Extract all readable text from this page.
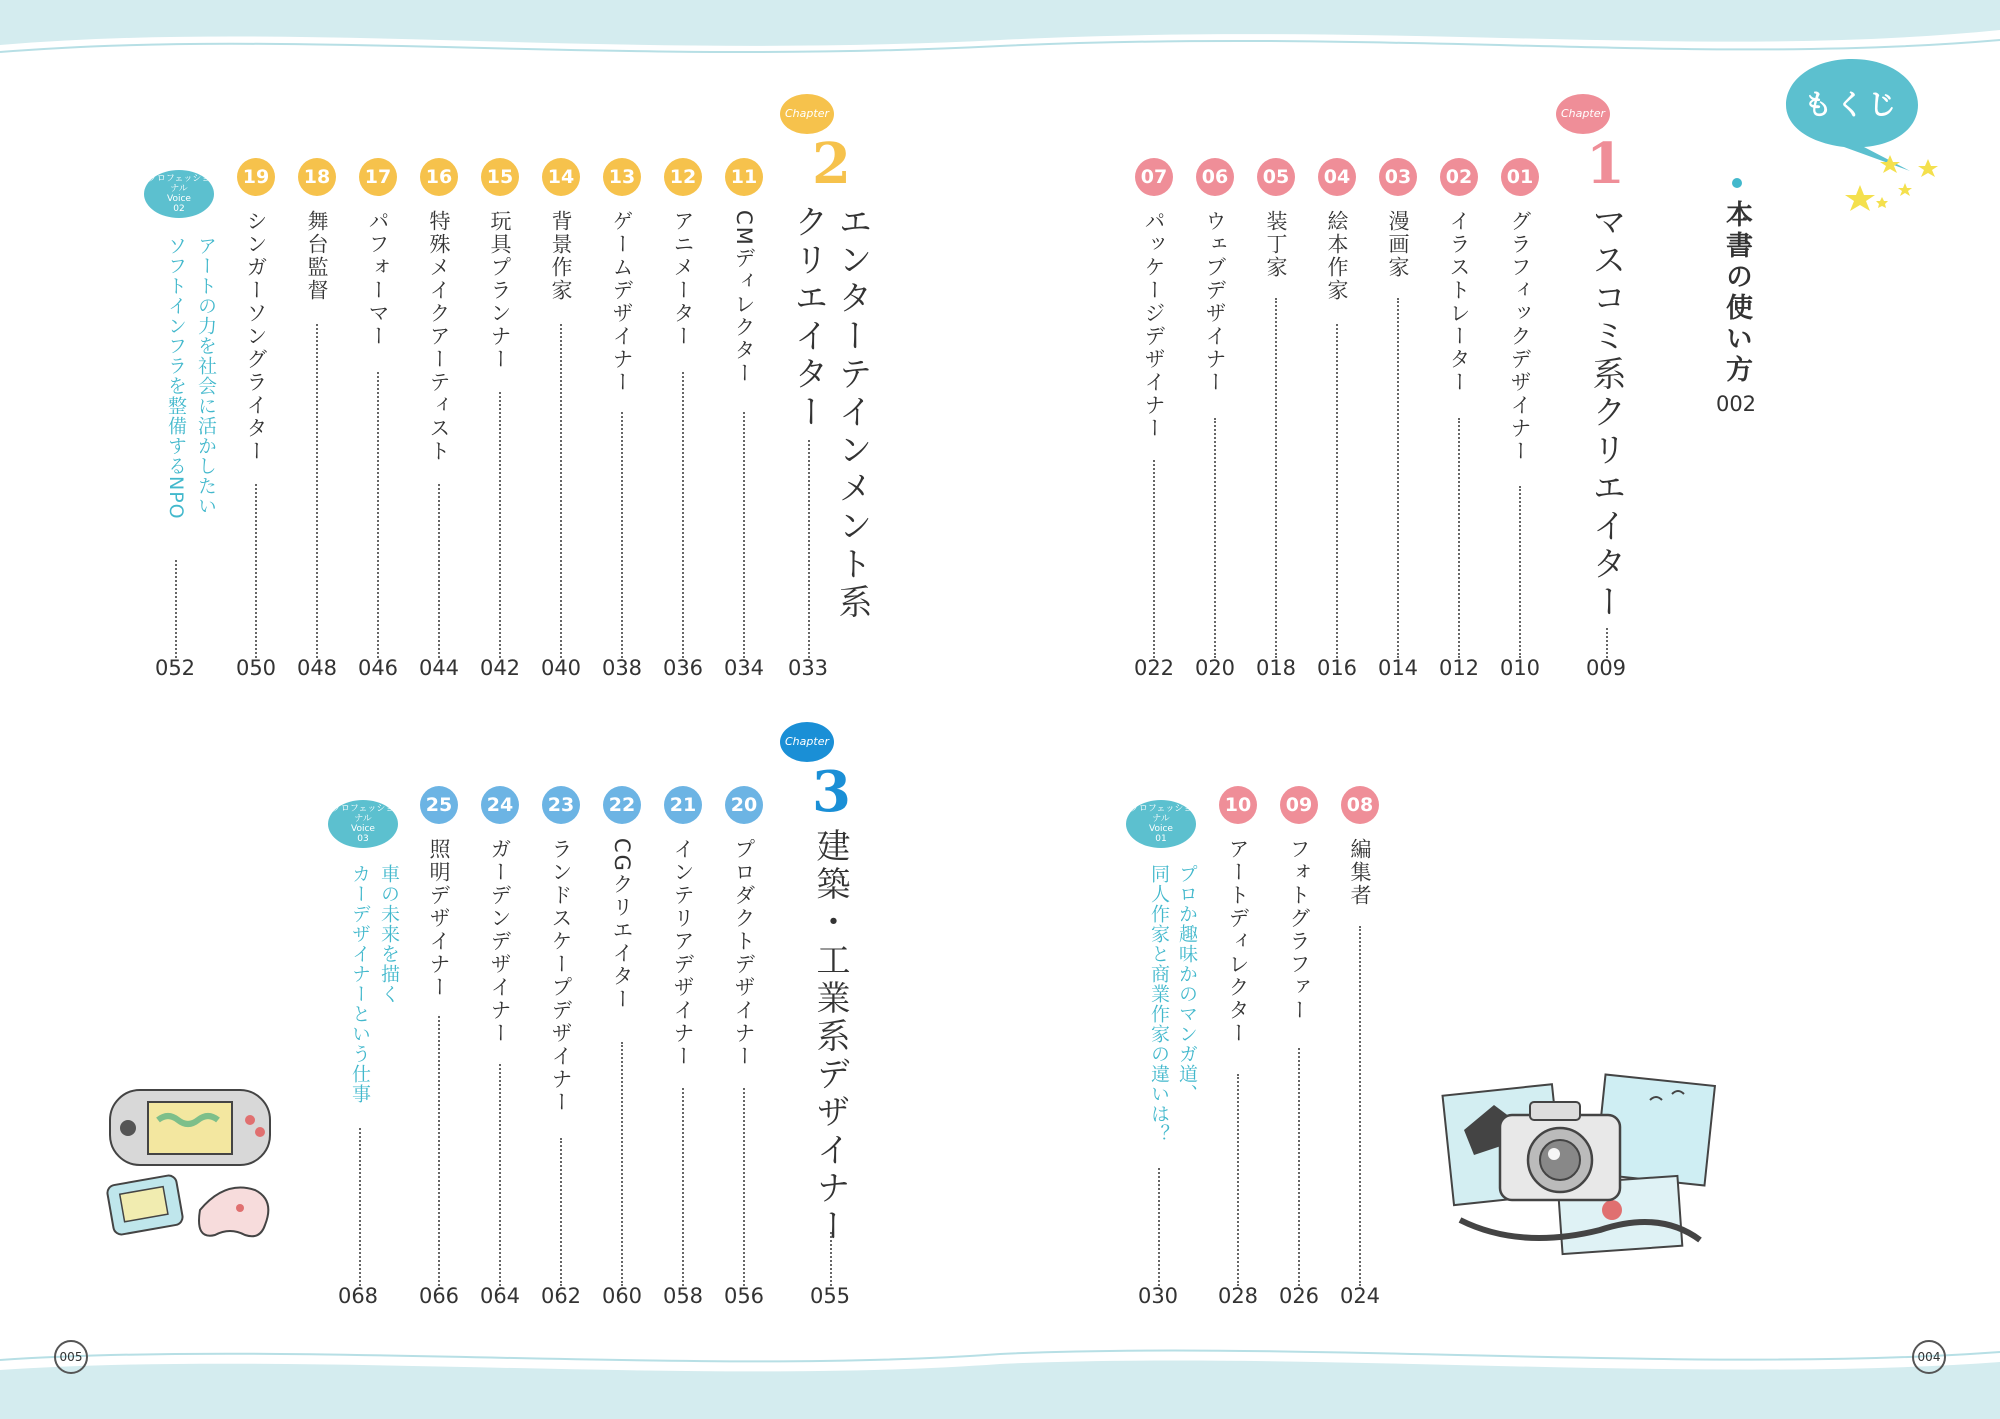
もくじ
本書の使い方
002
Chapter
1
マスコミ系クリエイター
009
01
グラフィックデザイナー
010
02
イラストレーター
012
03
漫画家
014
04
絵本作家
016
05
装丁家
018
06
ウェブデザイナー
020
07
パッケージデザイナー
022
08
編集者
024
09
フォトグラファー
026
10
アートディレクター
028
プロフェッショナル
Voice
01
プロか趣味かのマンガ道、
同人作家と商業作家の違いは？
030
Chapter
2
エンターテインメント系
クリエイター
033
11
CMディレクター
034
12
アニメーター
036
13
ゲームデザイナー
038
14
背景作家
040
15
玩具プランナー
042
16
特殊メイクアーティスト
044
17
パフォーマー
046
18
舞台監督
048
19
シンガーソングライター
050
プロフェッショナル
Voice
02
アートの力を社会に活かしたい
ソフトインフラを整備するNPO
052
Chapter
3
建築・工業系デザイナー
055
20
プロダクトデザイナー
056
21
インテリアデザイナー
058
22
CGクリエイター
060
23
ランドスケープデザイナー
062
24
ガーデンデザイナー
064
25
照明デザイナー
066
プロフェッショナル
Voice
03
車の未来を描く
カーデザイナーという仕事
068
005	004
